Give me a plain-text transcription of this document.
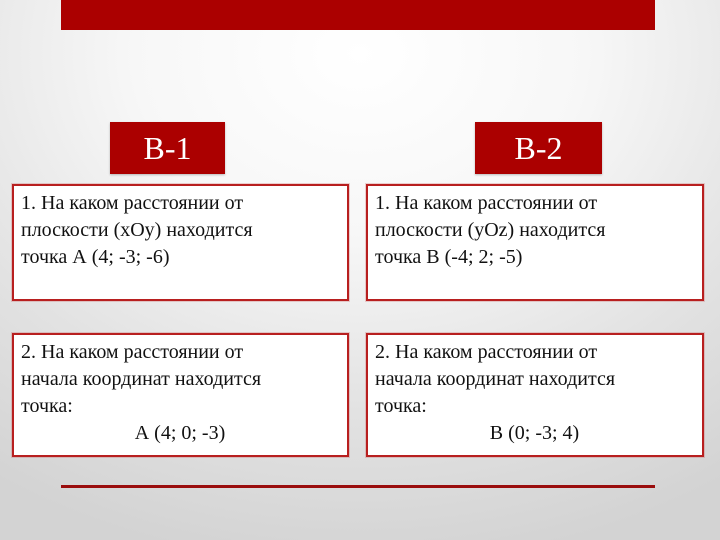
В-1	В-2
1. На каком расстоянии от
плоскости (xOy) находится
точка А (4; -3; -6)
1. На каком расстоянии от
плоскости (yOz) находится
точка В (-4; 2; -5)
2. На каком расстоянии от
начала координат находится
точка:
А (4; 0; -3)
2. На каком расстоянии от
начала координат находится
точка:
В (0; -3; 4)
